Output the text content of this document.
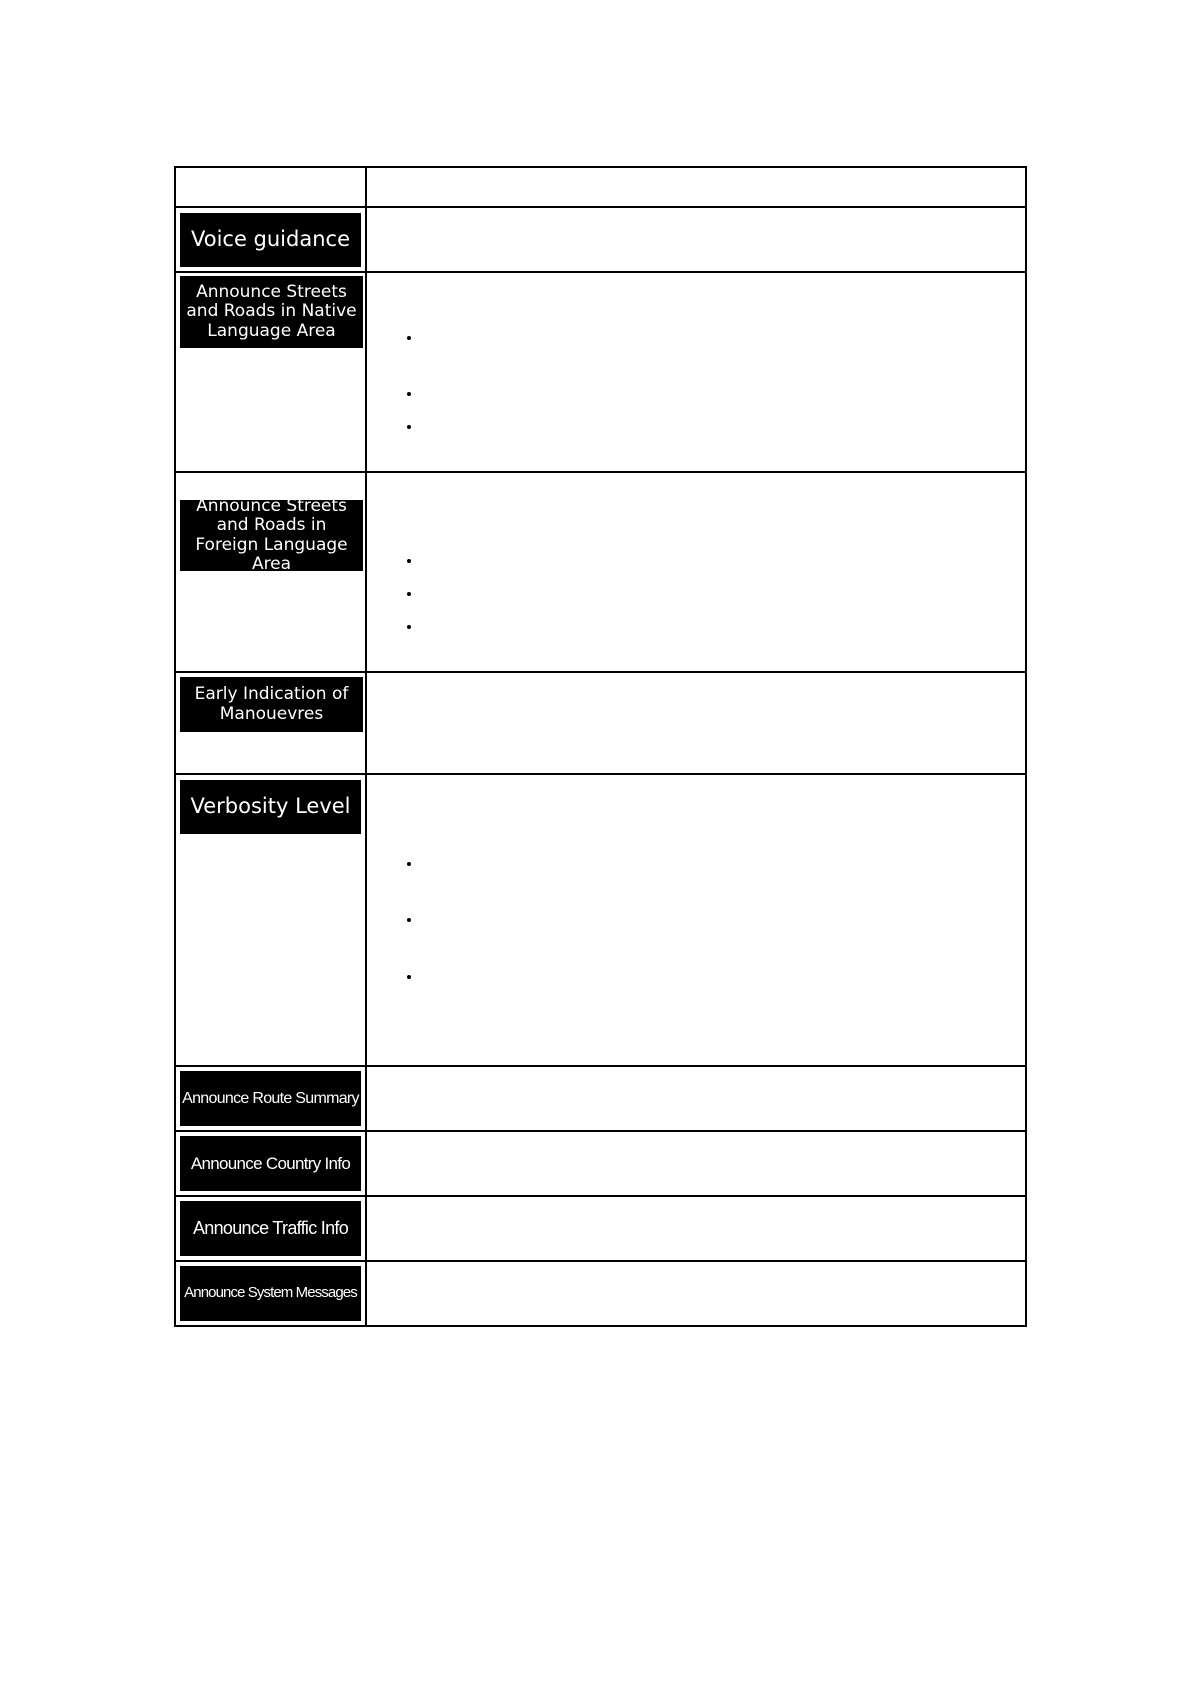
Voice guidance	

Announce Streets and Roads in Native Language Area	

Announce Streets and Roads in Foreign Language Area	

Early Indication of Manouevres	

Verbosity Level	

Announce Route Summary	

Announce Country Info	

Announce Traffic Info	

Announce System Messages	
